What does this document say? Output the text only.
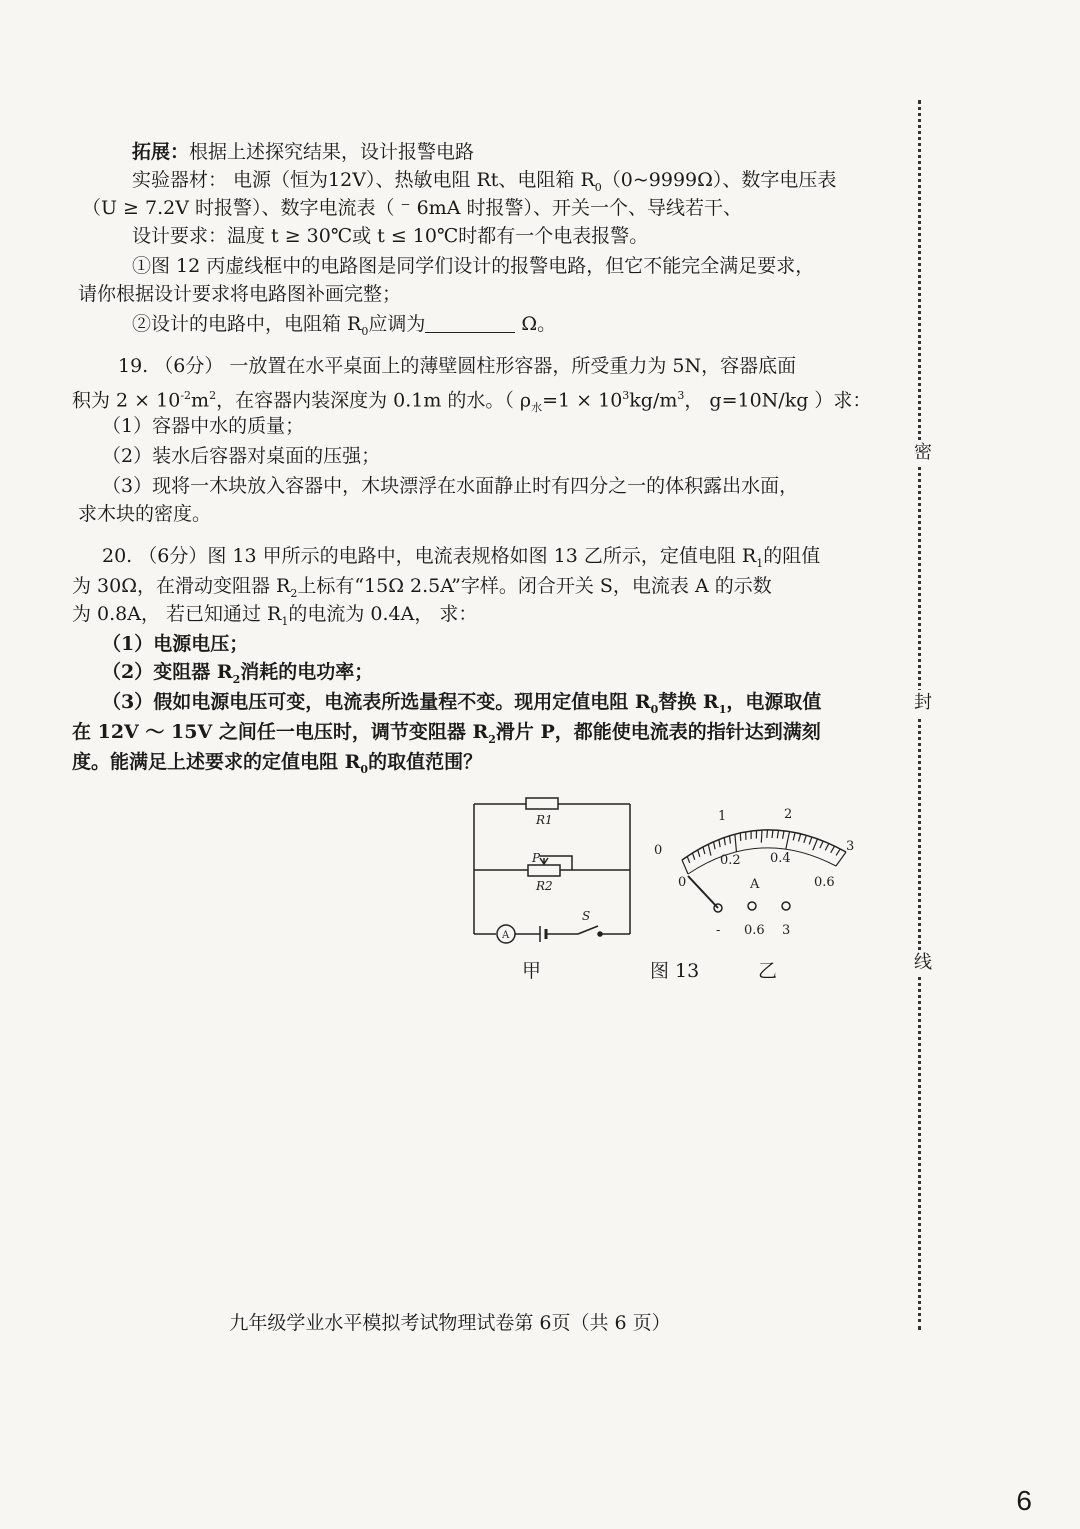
拓展：根据上述探究结果，设计报警电路
实验器材： 电源（恒为12V）、热敏电阻 Rt、电阻箱 $R_0(0\sim 9999\Omega)$、数字电压表
（U ≥ 7.2V 时报警）、数字电流表（ ⁻ 6mA 时报警）、开关一个、导线若干、
设计要求：温度 t ≥ 30℃或 t ≤ 10℃时都有一个电表报警。
①图 12 丙虚线框中的电路图是同学们设计的报警电路，但它不能完全满足要求，
请你根据设计要求将电路图补画完整；
②设计的电路中，电阻箱 $R_0$应调为	Ω。
19. （6分） 一放置在水平桌面上的薄壁圆柱形容器，所受重力为 5N，容器底面
积为 $2 \times 10^{-2}m^2$，在容器内装深度为 0.1m 的水。（ $\rho_水=1 \times 10^3kg/m^3$， g=10N/kg ）求：
（1）容器中水的质量；
（2）装水后容器对桌面的压强；
（3）现将一木块放入容器中，木块漂浮在水面静止时有四分之一的体积露出水面，
求木块的密度。
20. （6分）图 13 甲所示的电路中，电流表规格如图 13 乙所示，定值电阻 $R_1$的阻值
为 30Ω，在滑动变阻器 $R_2$上标有“15Ω 2.5A”字样。闭合开关 S，电流表 A 的示数
为 0.8A， 若已知通过 $R_1$的电流为 0.4A， 求：
（1）电源电压；
（2）变阻器 $R_2$消耗的电功率；
（3）假如电源电压可变，电流表所选量程不变。现用定值电阻 $R_0$替换 $R_1$，电源取值
在 12V ～ 15V 之间任一电压时，调节变阻器 $R_2$滑片 P，都能使电流表的指针达到满刻
度。能满足上述要求的定值电阻 $R_0$的取值范围？
R1
R2
P
S
A
0
1	2
3
0
0.2 0.4
0.6
A
- 0.6 3
甲	图 13	乙
密
封
线
九年级学业水平模拟考试物理试卷第 6页（共 6 页）
6
